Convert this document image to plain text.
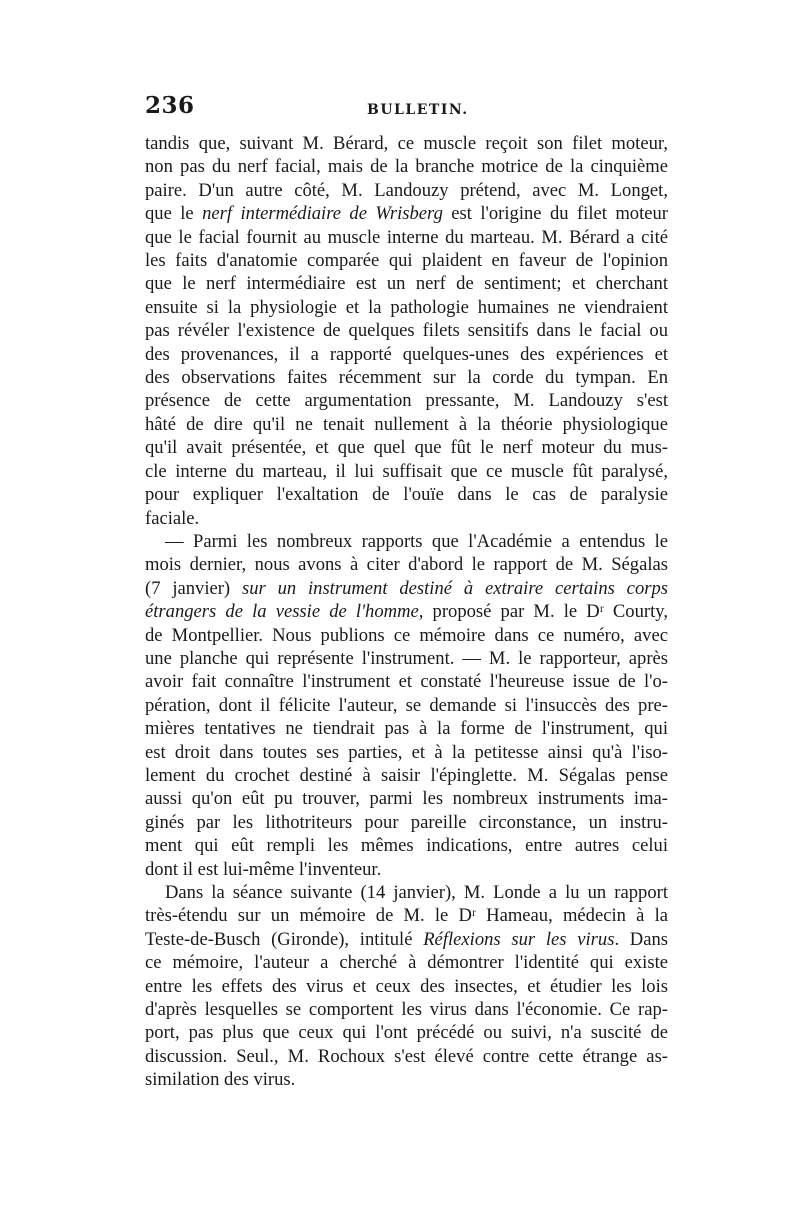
236	BULLETIN.

tandis que, suivant M. Bérard, ce muscle reçoit son filet moteur,
non pas du nerf facial, mais de la branche motrice de la cinquième
paire. D'un autre côté, M. Landouzy prétend, avec M. Longet,
que le nerf intermédiaire de Wrisberg est l'origine du filet moteur
que le facial fournit au muscle interne du marteau. M. Bérard a cité
les faits d'anatomie comparée qui plaident en faveur de l'opinion
que le nerf intermédiaire est un nerf de sentiment; et cherchant
ensuite si la physiologie et la pathologie humaines ne viendraient
pas révéler l'existence de quelques filets sensitifs dans le facial ou
des provenances, il a rapporté quelques-unes des expériences et
des observations faites récemment sur la corde du tympan. En
présence de cette argumentation pressante, M. Landouzy s'est
hâté de dire qu'il ne tenait nullement à la théorie physiologique
qu'il avait présentée, et que quel que fût le nerf moteur du mus-
cle interne du marteau, il lui suffisait que ce muscle fût paralysé,
pour expliquer l'exaltation de l'ouïe dans le cas de paralysie
faciale.

— Parmi les nombreux rapports que l'Académie a entendus le
mois dernier, nous avons à citer d'abord le rapport de M. Ségalas
(7 janvier) sur un instrument destiné à extraire certains corps
étrangers de la vessie de l'homme, proposé par M. le Dʳ Courty,
de Montpellier. Nous publions ce mémoire dans ce numéro, avec
une planche qui représente l'instrument. — M. le rapporteur, après
avoir fait connaître l'instrument et constaté l'heureuse issue de l'o-
pération, dont il félicite l'auteur, se demande si l'insuccès des pre-
mières tentatives ne tiendrait pas à la forme de l'instrument, qui
est droit dans toutes ses parties, et à la petitesse ainsi qu'à l'iso-
lement du crochet destiné à saisir l'épinglette. M. Ségalas pense
aussi qu'on eût pu trouver, parmi les nombreux instruments ima-
ginés par les lithotriteurs pour pareille circonstance, un instru-
ment qui eût rempli les mêmes indications, entre autres celui
dont il est lui-même l'inventeur.

Dans la séance suivante (14 janvier), M. Londe a lu un rapport
très-étendu sur un mémoire de M. le Dʳ Hameau, médecin à la
Teste-de-Busch (Gironde), intitulé Réflexions sur les virus. Dans
ce mémoire, l'auteur a cherché à démontrer l'identité qui existe
entre les effets des virus et ceux des insectes, et étudier les lois
d'après lesquelles se comportent les virus dans l'économie. Ce rap-
port, pas plus que ceux qui l'ont précédé ou suivi, n'a suscité de
discussion. Seul., M. Rochoux s'est élevé contre cette étrange as-
similation des virus.
